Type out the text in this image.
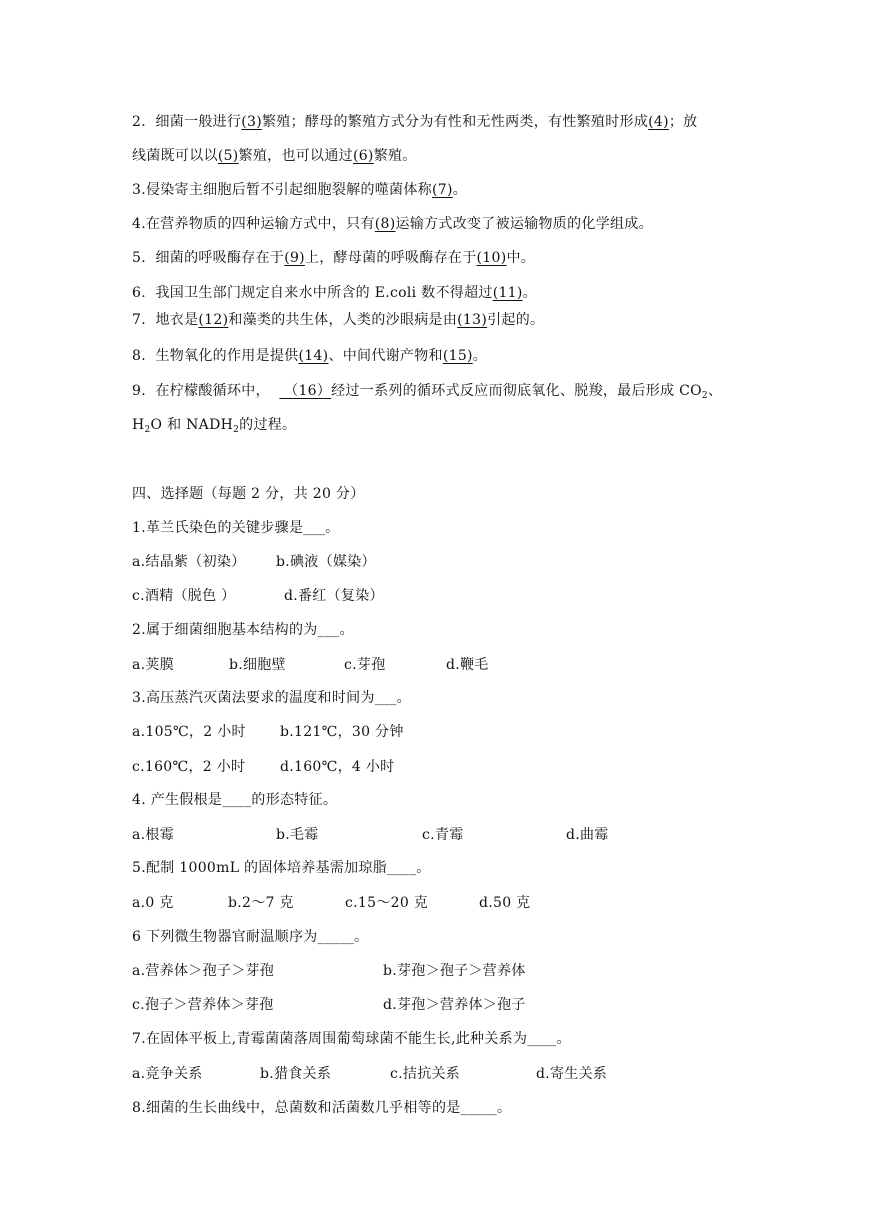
2. 细菌一般进行(3)繁殖；酵母的繁殖方式分为有性和无性两类，有性繁殖时形成(4)；放
线菌既可以以(5)繁殖，也可以通过(6)繁殖。
3.侵染寄主细胞后暂不引起细胞裂解的噬菌体称(7)。
4.在营养物质的四种运输方式中，只有(8)运输方式改变了被运输物质的化学组成。
5. 细菌的呼吸酶存在于(9)上，酵母菌的呼吸酶存在于(10)中。
6. 我国卫生部门规定自来水中所含的 E.coli 数不得超过(11)。
7. 地衣是(12)和藻类的共生体，人类的沙眼病是由(13)引起的。
8. 生物氧化的作用是提供(14)、中间代谢产物和(15)。
9. 在柠檬酸循环中，   （16）经过一系列的循环式反应而彻底氧化、脱羧，最后形成 $CO_2$、
$H_2O$ 和 $NADH_2$的过程。
四、选择题（每题 2 分，共 20 分）
1.革兰氏染色的关键步骤是___。
a.结晶紫（初染） b.碘液（媒染）
c.酒精（脱色 ）	d.番红（复染）
2.属于细菌细胞基本结构的为___。
a.荚膜	b.细胞壁	c.芽孢	d.鞭毛
3.高压蒸汽灭菌法要求的温度和时间为___。
a.105℃，2 小时 b.121℃，30 分钟
c.160℃，2 小时 d.160℃，4 小时
4. 产生假根是____的形态特征。
a.根霉	b.毛霉	c.青霉	d.曲霉
5.配制 1000mL 的固体培养基需加琼脂____。
a.0 克	b.2～7 克	c.15～20 克	d.50 克
6 下列微生物器官耐温顺序为_____。
a.营养体＞孢子＞芽孢	b.芽孢＞孢子＞营养体
c.孢子＞营养体＞芽孢	d.芽孢＞营养体＞孢子
7.在固体平板上,青霉菌菌落周围葡萄球菌不能生长,此种关系为____。
a.竞争关系	b.猎食关系	c.拮抗关系	d.寄生关系
8.细菌的生长曲线中，总菌数和活菌数几乎相等的是_____。
